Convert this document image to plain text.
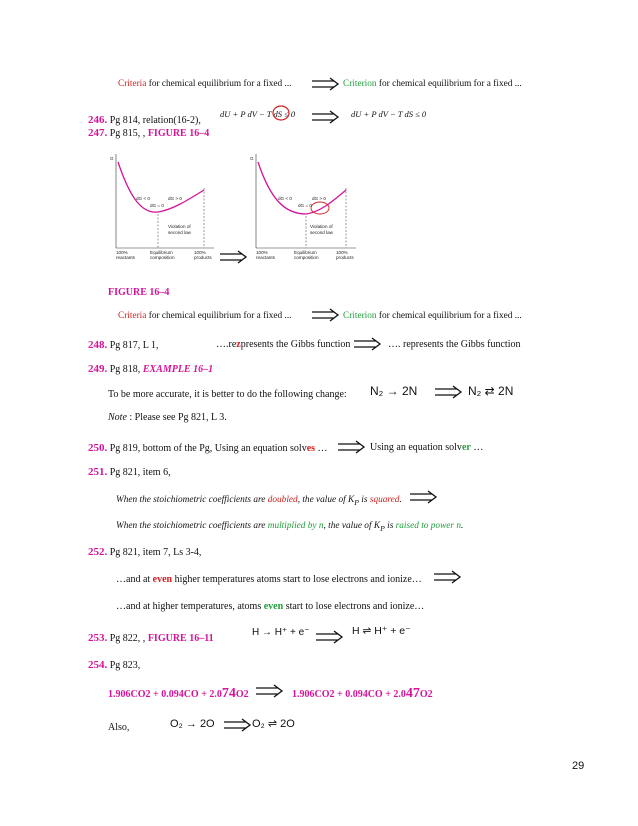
Criteria for chemical equilibrium for a fixed ...	Criterion for chemical equilibrium for a fixed ...
246. Pg 814, relation(16-2),
dU + P dV − T dS ≤ 0	dU + P dV − T dS ≤ 0
247. Pg 815, , FIGURE 16–4
G
dG < 0	dG > 0
dG = 0
Violation of
second law
100%
reactants
Equilibrium
composition
100%
products
G
dG < 0	dG > 0
dG = 0
Violation of
second law
100%
reactants
Equilibrium
composition
100%
products
FIGURE 16–4
Criteria for chemical equilibrium for a fixed ...	Criterion for chemical equilibrium for a fixed ...
248. Pg 817, L 1,	….rezpresents the Gibbs function	…. represents the Gibbs function
249. Pg 818, EXAMPLE 16–1
To be more accurate, it is better to do the following change: N₂ → 2N	N₂ ⇄ 2N
Note : Please see Pg 821, L 3.
250. Pg 819, bottom of the Pg, Using an equation solves …	Using an equation solver …
251. Pg 821, item 6,
When the stoichiometric coefficients are doubled, the value of $K_P$ is squared.
When the stoichiometric coefficients are multiplied by n, the value of $K_P$ is raised to power n.
252. Pg 821, item 7, Ls 3-4,
…and at even higher temperatures atoms start to lose electrons and ionize…
…and at higher temperatures, atoms even start to lose electrons and ionize…
253. Pg 822, , FIGURE 16–11
H → H⁺ + e⁻	H ⇌ H⁺ + e⁻
254. Pg 823,
1.906CO2 + 0.094CO + 2.074O2	1.906CO2 + 0.094CO + 2.047O2
Also,	O₂ → 2O	O₂ ⇌ 2O
29
